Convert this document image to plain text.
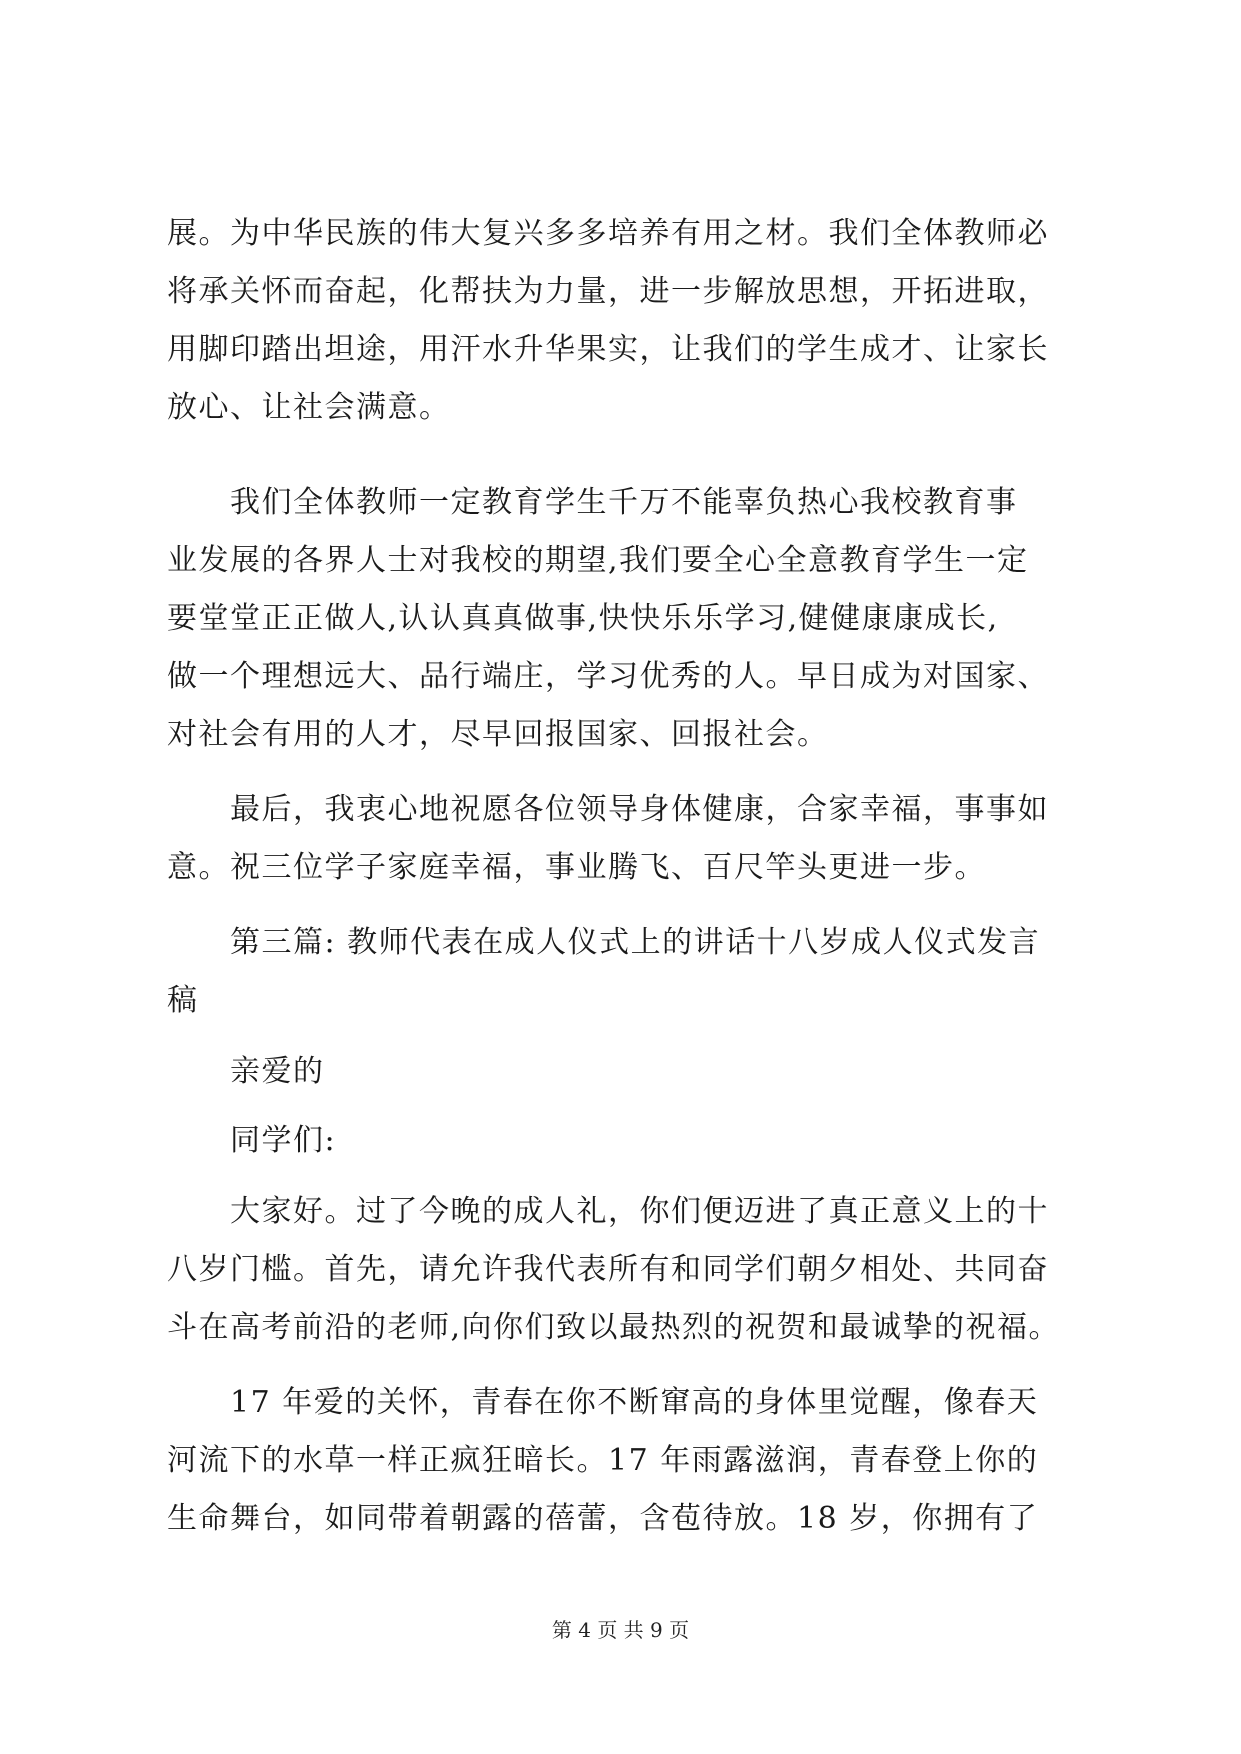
展。为中华民族的伟大复兴多多培养有用之材。我们全体教师必
将承关怀而奋起，化帮扶为力量，进一步解放思想，开拓进取，
用脚印踏出坦途，用汗水升华果实，让我们的学生成才、让家长
放心、让社会满意。
　　我们全体教师一定教育学生千万不能辜负热心我校教育事
业发展的各界人士对我校的期望,我们要全心全意教育学生一定
要堂堂正正做人,认认真真做事,快快乐乐学习,健健康康成长,
做一个理想远大、品行端庄，学习优秀的人。早日成为对国家、
对社会有用的人才，尽早回报国家、回报社会。
　　最后，我衷心地祝愿各位领导身体健康，合家幸福，事事如
意。祝三位学子家庭幸福，事业腾飞、百尺竿头更进一步。
　　第三篇: 教师代表在成人仪式上的讲话十八岁成人仪式发言
稿
　　亲爱的
　　同学们:
　　大家好。过了今晚的成人礼，你们便迈进了真正意义上的十
八岁门槛。首先，请允许我代表所有和同学们朝夕相处、共同奋
斗在高考前沿的老师,向你们致以最热烈的祝贺和最诚挚的祝福。
　　17 年爱的关怀，青春在你不断窜高的身体里觉醒，像春天
河流下的水草一样正疯狂暗长。17 年雨露滋润，青春登上你的
生命舞台，如同带着朝露的蓓蕾，含苞待放。18 岁，你拥有了
第 4 页 共 9 页
